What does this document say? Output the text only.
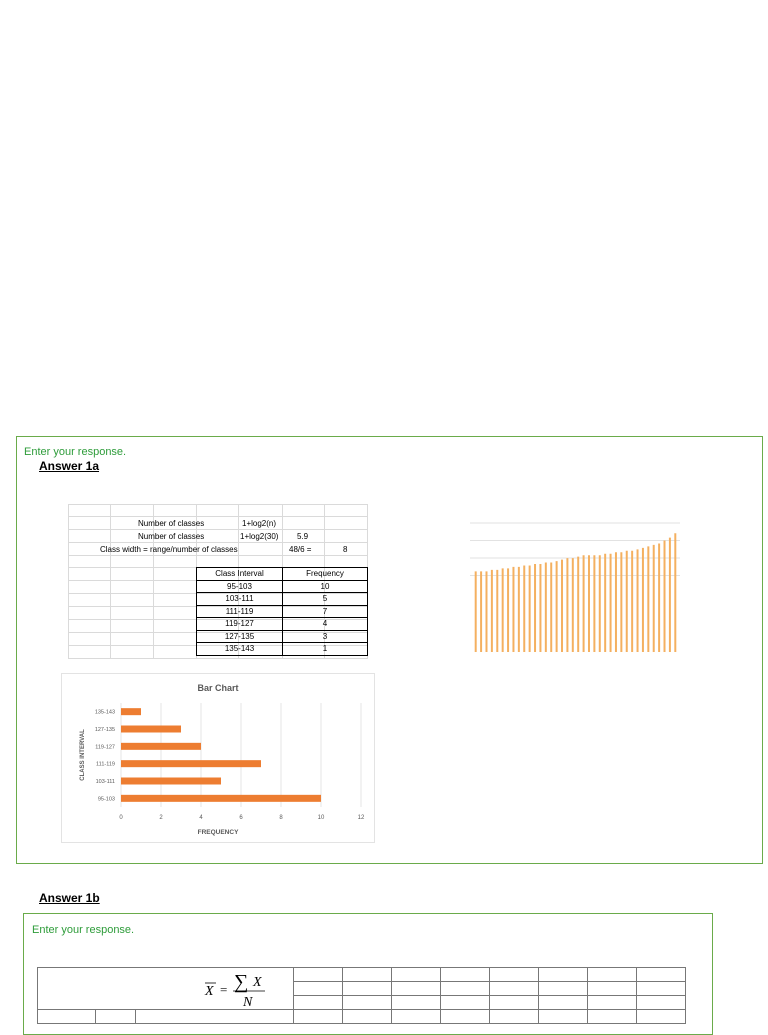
Enter your response.
Answer 1a
Number of classes	1+log2(n)
Number of classes	1+log2(30) 5.9
Class width = range/number of classes	48/6 =	8
Class Interval	Frequency
95-103	10
103-111	5
111-119	7
119-127	4
127-135	3
135-143	1
Bar Chart
FREQUENCY
CLASS INTERVAL
0	2	4	6	8	10	12
95-103
103-111
111-119
119-127
127-135
135-143
Answer 1b
Enter your response.
X = ∑ X
N										
